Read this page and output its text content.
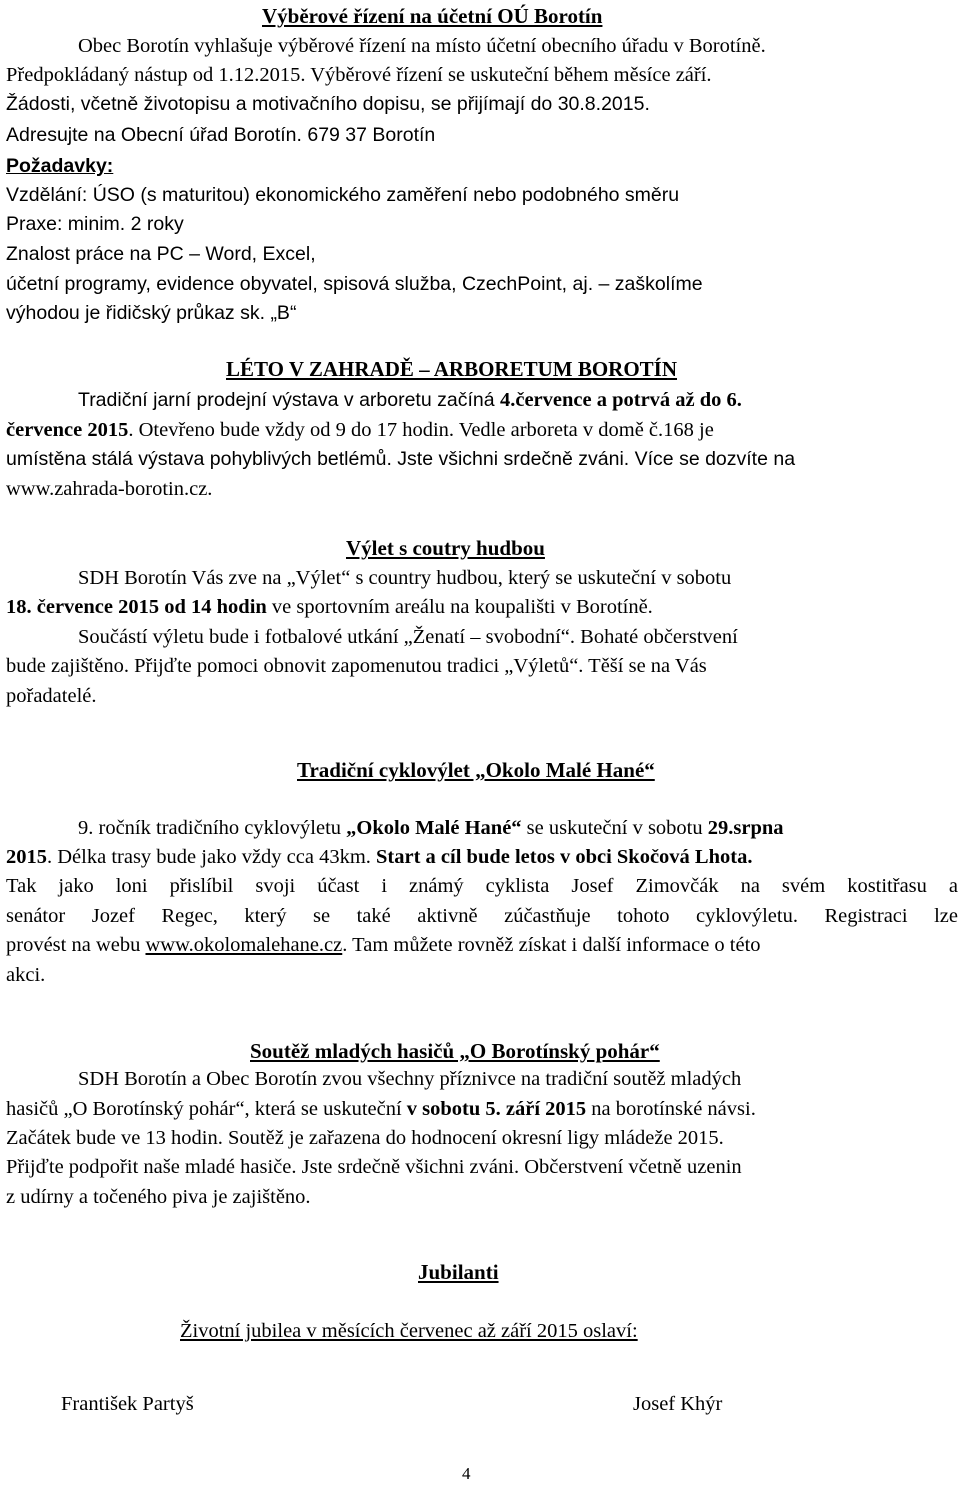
Výběrové řízení na účetní OÚ Borotín
Obec Borotín vyhlašuje výběrové řízení na místo účetní obecního úřadu v Borotíně.
Předpokládaný nástup od 1.12.2015. Výběrové řízení se uskuteční během měsíce září.
Žádosti, včetně životopisu a motivačního dopisu, se přijímají do 30.8.2015.
Adresujte na Obecní úřad Borotín. 679 37 Borotín
Požadavky:
Vzdělání: ÚSO (s maturitou) ekonomického zaměření nebo podobného směru
Praxe: minim. 2 roky
Znalost práce na PC – Word, Excel,
účetní programy, evidence obyvatel, spisová služba, CzechPoint, aj. – zaškolíme
výhodou je řidičský průkaz sk. „B“
LÉTO V ZAHRADĚ – ARBORETUM BOROTÍN
Tradiční jarní prodejní výstava v arboretu začíná 4.července a potrvá až do 6.
července 2015. Otevřeno bude vždy od 9 do 17 hodin. Vedle arboreta v domě č.168 je
umístěna stálá výstava pohyblivých betlémů. Jste všichni srdečně zváni. Více se dozvíte na
www.zahrada-borotin.cz.
Výlet s coutry hudbou
SDH Borotín Vás zve na „Výlet“ s country hudbou, který se uskuteční v sobotu
18. července 2015 od 14 hodin ve sportovním areálu na koupališti v Borotíně.
Součástí výletu bude i fotbalové utkání „Ženatí – svobodní“. Bohaté občerstvení
bude zajištěno. Přijďte pomoci obnovit zapomenutou tradici „Výletů“. Těší se na Vás
pořadatelé.
Tradiční cyklovýlet „Okolo Malé Hané“
9. ročník tradičního cyklovýletu „Okolo Malé Hané“ se uskuteční v sobotu 29.srpna
2015. Délka trasy bude jako vždy cca 43km. Start a cíl bude letos v obci Skočová Lhota.
Tak jako loni přislíbil svoji účast i známý cyklista Josef Zimovčák na svém kostitřasu a
senátor Jozef Regec, který se také aktivně zúčastňuje tohoto cyklovýletu. Registraci lze
provést na webu www.okolomalehane.cz. Tam můžete rovněž získat i další informace o této
akci.
Soutěž mladých hasičů „O Borotínský pohár“
SDH Borotín a Obec Borotín zvou všechny příznivce na tradiční soutěž mladých
hasičů „O Borotínský pohár“, která se uskuteční v sobotu 5. září 2015 na borotínské návsi.
Začátek bude ve 13 hodin. Soutěž je zařazena do hodnocení okresní ligy mládeže 2015.
Přijďte podpořit naše mladé hasiče. Jste srdečně všichni zváni. Občerstvení včetně uzenin
z udírny a točeného piva je zajištěno.
Jubilanti
Životní jubilea v měsících červenec až září 2015 oslaví:
František Partyš	Josef Khýr
4
